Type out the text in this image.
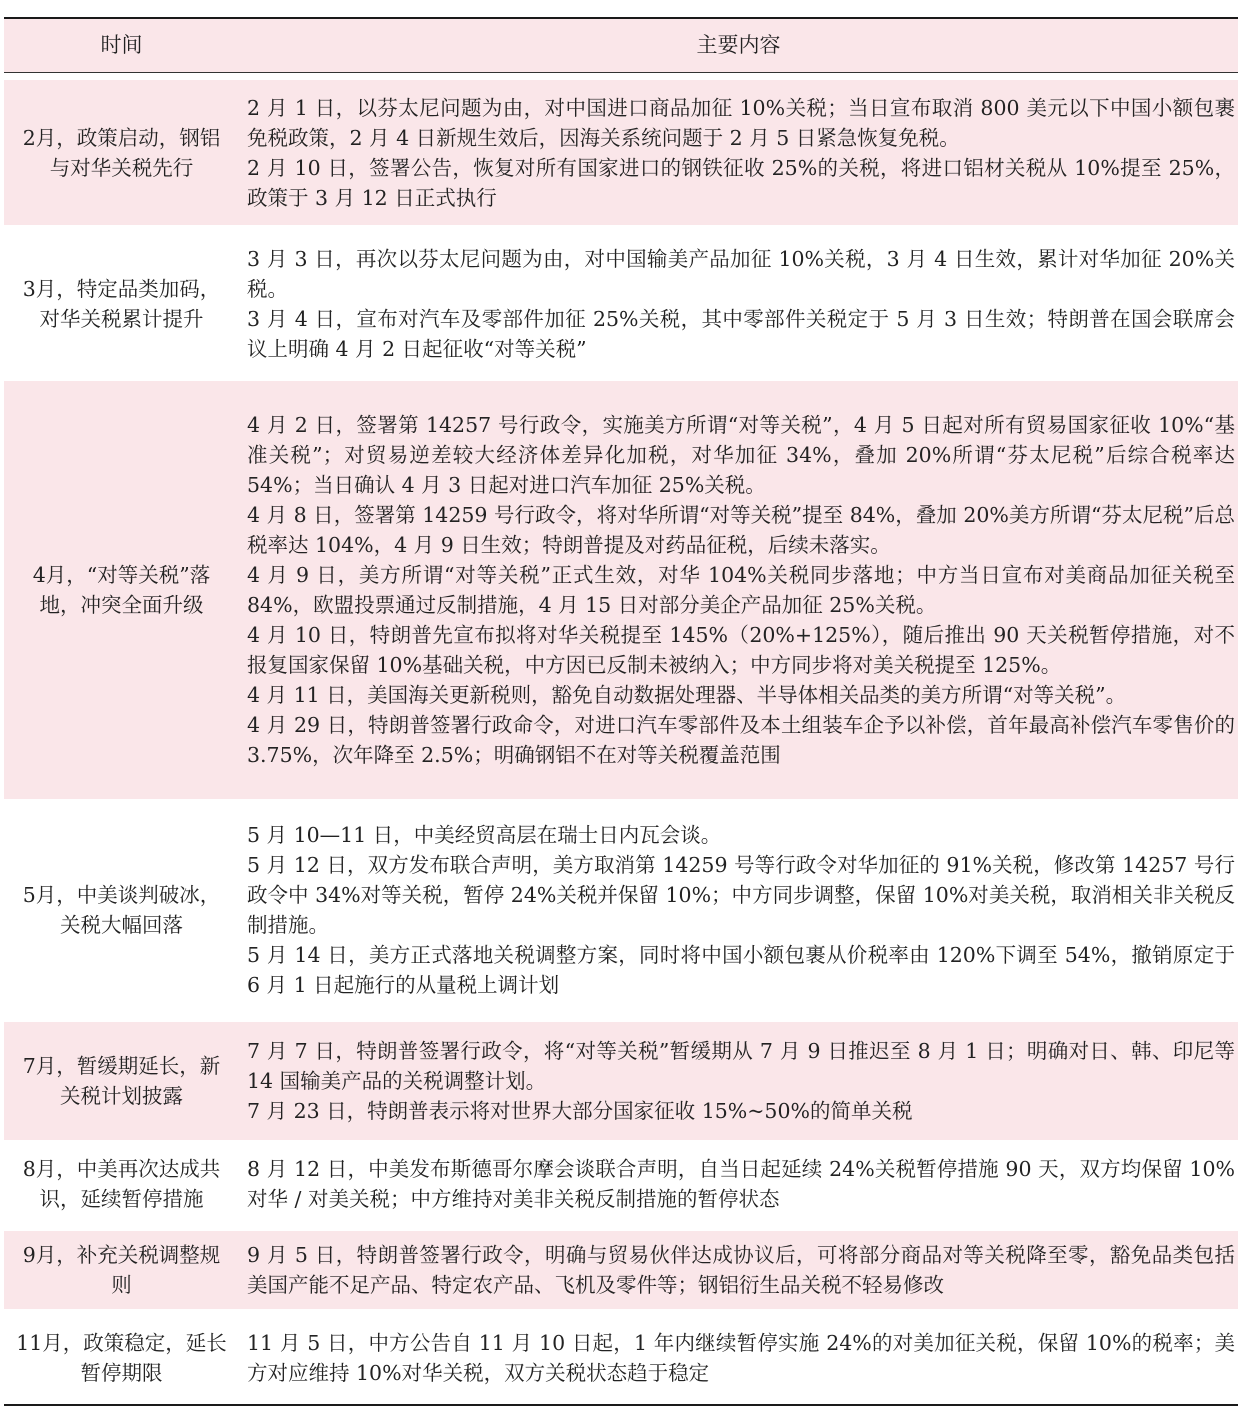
时间	主要内容
2月，政策启动，钢铝与对华关税先行

2 月 1 日，以芬太尼问题为由，对中国进口商品加征 10%关税；当日宣布取消 800 美元以下中国小额包裹免税政策，2 月 4 日新规生效后，因海关系统问题于 2 月 5 日紧急恢复免税。

2 月 10 日，签署公告，恢复对所有国家进口的钢铁征收 25%的关税，将进口铝材关税从 10%提至 25%，政策于 3 月 12 日正式执行

3月，特定品类加码，对华关税累计提升

3 月 3 日，再次以芬太尼问题为由，对中国输美产品加征 10%关税，3 月 4 日生效，累计对华加征 20%关税。

3 月 4 日，宣布对汽车及零部件加征 25%关税，其中零部件关税定于 5 月 3 日生效；特朗普在国会联席会议上明确 4 月 2 日起征收“对等关税”

4月，“对等关税”落地，冲突全面升级

4 月 2 日，签署第 14257 号行政令，实施美方所谓“对等关税”，4 月 5 日起对所有贸易国家征收 10%“基准关税”；对贸易逆差较大经济体差异化加税，对华加征 34%，叠加 20%所谓“芬太尼税”后综合税率达 54%；当日确认 4 月 3 日起对进口汽车加征 25%关税。

4 月 8 日，签署第 14259 号行政令，将对华所谓“对等关税”提至 84%，叠加 20%美方所谓“芬太尼税”后总税率达 104%，4 月 9 日生效；特朗普提及对药品征税，后续未落实。

4 月 9 日，美方所谓“对等关税”正式生效，对华 104%关税同步落地；中方当日宣布对美商品加征关税至 84%，欧盟投票通过反制措施，4 月 15 日对部分美企产品加征 25%关税。

4 月 10 日，特朗普先宣布拟将对华关税提至 145%（20%+125%），随后推出 90 天关税暂停措施，对不报复国家保留 10%基础关税，中方因已反制未被纳入；中方同步将对美关税提至 125%。

4 月 11 日，美国海关更新税则，豁免自动数据处理器、半导体相关品类的美方所谓“对等关税”。

4 月 29 日，特朗普签署行政命令，对进口汽车零部件及本土组装车企予以补偿，首年最高补偿汽车零售价的 3.75%，次年降至 2.5%；明确钢铝不在对等关税覆盖范围

5月，中美谈判破冰，关税大幅回落

5 月 10—11 日，中美经贸高层在瑞士日内瓦会谈。

5 月 12 日，双方发布联合声明，美方取消第 14259 号等行政令对华加征的 91%关税，修改第 14257 号行政令中 34%对等关税，暂停 24%关税并保留 10%；中方同步调整，保留 10%对美关税，取消相关非关税反制措施。

5 月 14 日，美方正式落地关税调整方案，同时将中国小额包裹从价税率由 120%下调至 54%，撤销原定于 6 月 1 日起施行的从量税上调计划

7月，暂缓期延长，新关税计划披露

7 月 7 日，特朗普签署行政令，将“对等关税”暂缓期从 7 月 9 日推迟至 8 月 1 日；明确对日、韩、印尼等 14 国输美产品的关税调整计划。

7 月 23 日，特朗普表示将对世界大部分国家征收 15%~50%的简单关税

8月，中美再次达成共识，延续暂停措施

8 月 12 日，中美发布斯德哥尔摩会谈联合声明，自当日起延续 24%关税暂停措施 90 天，双方均保留 10%对华 / 对美关税；中方维持对美非关税反制措施的暂停状态

9月，补充关税调整规则

9 月 5 日，特朗普签署行政令，明确与贸易伙伴达成协议后，可将部分商品对等关税降至零，豁免品类包括美国产能不足产品、特定农产品、飞机及零件等；钢铝衍生品关税不轻易修改

11月，政策稳定，延长暂停期限

11 月 5 日，中方公告自 11 月 10 日起，1 年内继续暂停实施 24%的对美加征关税，保留 10%的税率；美方对应维持 10%对华关税，双方关税状态趋于稳定
